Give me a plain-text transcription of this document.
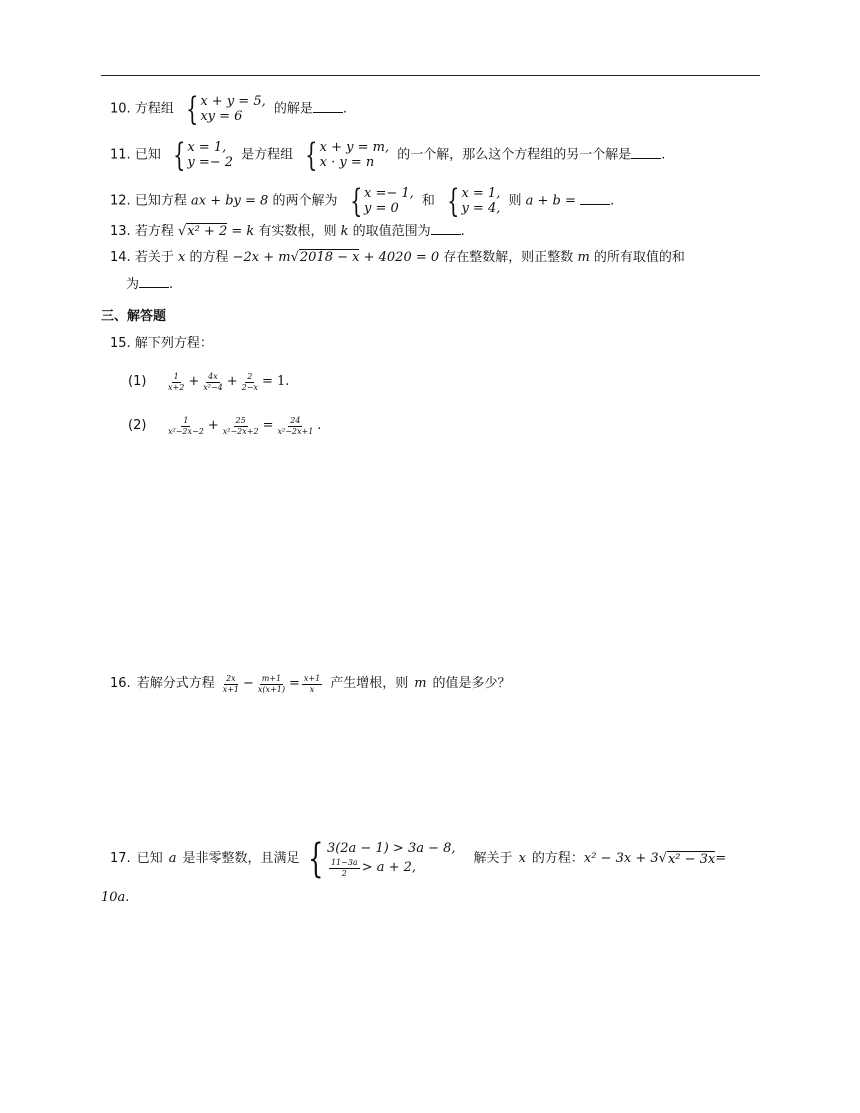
10. 方程组 { x + y = 5,
xy = 6	的解是 .
11. 已知 { x = 1,
y =− 2 是方程组 { x + y = m,
x · y = n	的一个解，那么这个方程组的另一个解是 .
12. 已知方程 ax + by = 8 的两个解为 { x =− 1,
y = 0	和 { x = 1,
y = 4, 则 a + b =	.
13. 若方程 √x² + 2 = k 有实数根，则 k 的取值范围为 .
14. 若关于 x 的方程 −2x + m√2018 − x + 4020 = 0 存在整数解，则正整数 m 的所有取值的和
为 .
三、解答题
15. 解下列方程：
(1)	$\frac{1}{x+2} + \frac{4x}{\text{x²−4}} + \frac{2}{2-x} = 1$.
(2)	$\frac{1}{\text{x²−2x−2}} + \frac{25}{\text{x²−2x+2}} = \frac{24}{\text{x²−2x+1}}$ .
16. 若解分式方程 $\frac{2x}{x+1} - \frac{m+1}{x(x+1)} = \frac{x+1}{x}$ 产生增根，则 m 的值是多少？
17. 已知 a 是非零整数，且满足 { 3(2a − 1) > 3a − 8,
$\frac{11-3a}{2} > a + 2$,
解关于 x 的方程： x² − 3x + 3 √ x² − 3x =
10a.
